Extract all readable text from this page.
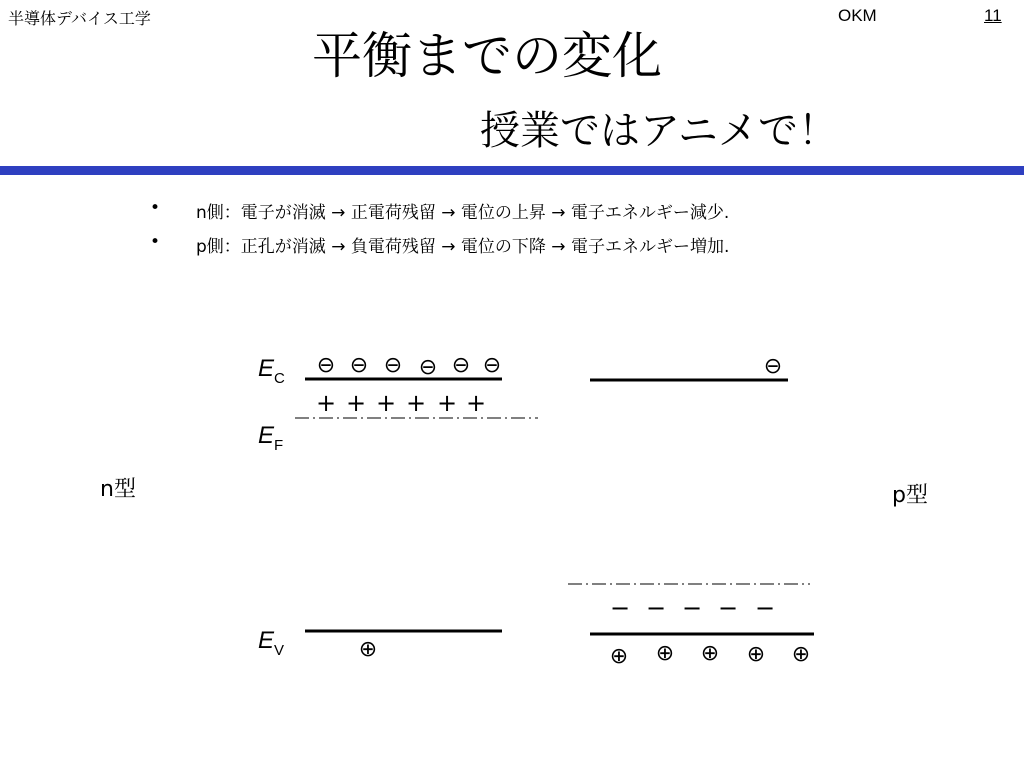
半導体デバイス工学	OKM	11
平衡までの変化
授業ではアニメで！
• n側：電子が消滅 → 正電荷残留 → 電位の上昇 → 電子エネルギー減少.
• p側：正孔が消滅 → 負電荷残留 → 電位の下降 → 電子エネルギー増加.
n型	p型
E C
E F
E V
⊖ ⊖ ⊖ ⊖ ⊖ ⊖
+ + + + + +
⊕
⊖
− − − − −
⊕ ⊕ ⊕ ⊕ ⊕
